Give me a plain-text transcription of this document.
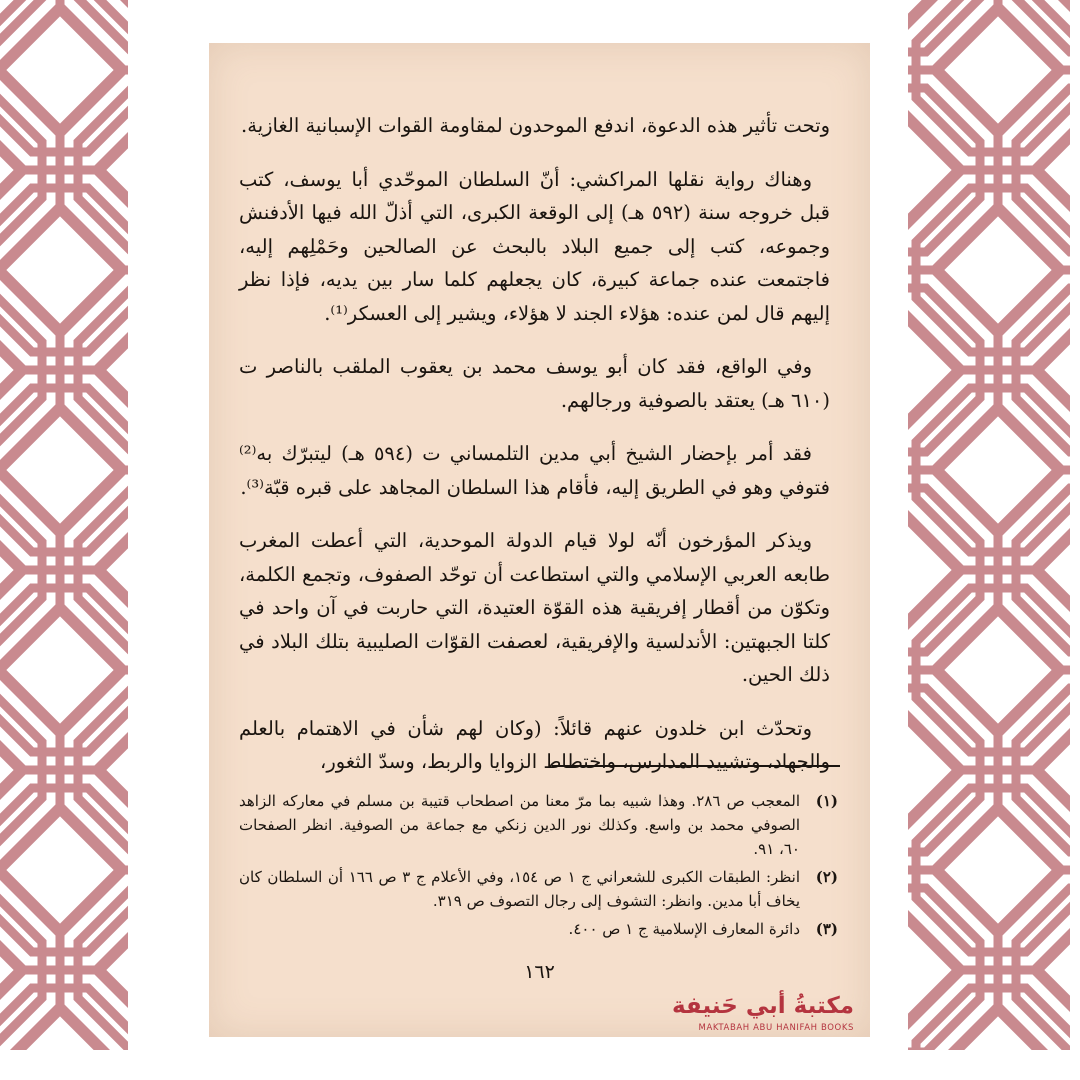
وتحت تأثير هذه الدعوة، اندفع الموحدون لمقاومة القوات الإسبانية الغازية.

وهناك رواية نقلها المراكشي: أنّ السلطان الموحّدي أبا يوسف، كتب قبل خروجه سنة (٥٩٢ هـ) إلى الوقعة الكبرى، التي أذلّ الله فيها الأدفنش وجموعه، كتب إلى جميع البلاد بالبحث عن الصالحين وحَمْلِهم إليه، فاجتمعت عنده جماعة كبيرة، كان يجعلهم كلما سار بين يديه، فإذا نظر إليهم قال لمن عنده: هؤلاء الجند لا هؤلاء، ويشير إلى العسكر⁽¹⁾.

وفي الواقع، فقد كان أبو يوسف محمد بن يعقوب الملقب بالناصر ت (٦١٠ هـ) يعتقد بالصوفية ورجالهم.

فقد أمر بإحضار الشيخ أبي مدين التلمساني ت (٥٩٤ هـ) ليتبرّك به⁽²⁾ فتوفي وهو في الطريق إليه، فأقام هذا السلطان المجاهد على قبره قبّة⁽³⁾.

ويذكر المؤرخون أنّه لولا قيام الدولة الموحدية، التي أعطت المغرب طابعه العربي الإسلامي والتي استطاعت أن توحّد الصفوف، وتجمع الكلمة، وتكوّن من أقطار إفريقية هذه القوّة العتيدة، التي حاربت في آن واحد في كلتا الجبهتين: الأندلسية والإفريقية، لعصفت القوّات الصليبية بتلك البلاد في ذلك الحين.

وتحدّث ابن خلدون عنهم قائلاً: (وكان لهم شأن في الاهتمام بالعلم والجهاد، وتشييد المدارس، واختطاط الزوايا والربط، وسدّ الثغور،

(١)
المعجب ص ٢٨٦. وهذا شبيه بما مرّ معنا من اصطحاب قتيبة بن مسلم في معاركه الزاهد الصوفي محمد بن واسع. وكذلك نور الدين زنكي مع جماعة من الصوفية. انظر الصفحات ٦٠، ٩١.
(٢)
انظر: الطبقات الكبرى للشعراني ج ١ ص ١٥٤، وفي الأعلام ج ٣ ص ١٦٦ أن السلطان كان يخاف أبا مدين. وانظر: التشوف إلى رجال التصوف ص ٣١٩.
(٣)
دائرة المعارف الإسلامية ج ١ ص ٤٠٠.
١٦٢
مكتبةُ أبي حَنيفة
MAKTABAH ABU HANIFAH BOOKS
